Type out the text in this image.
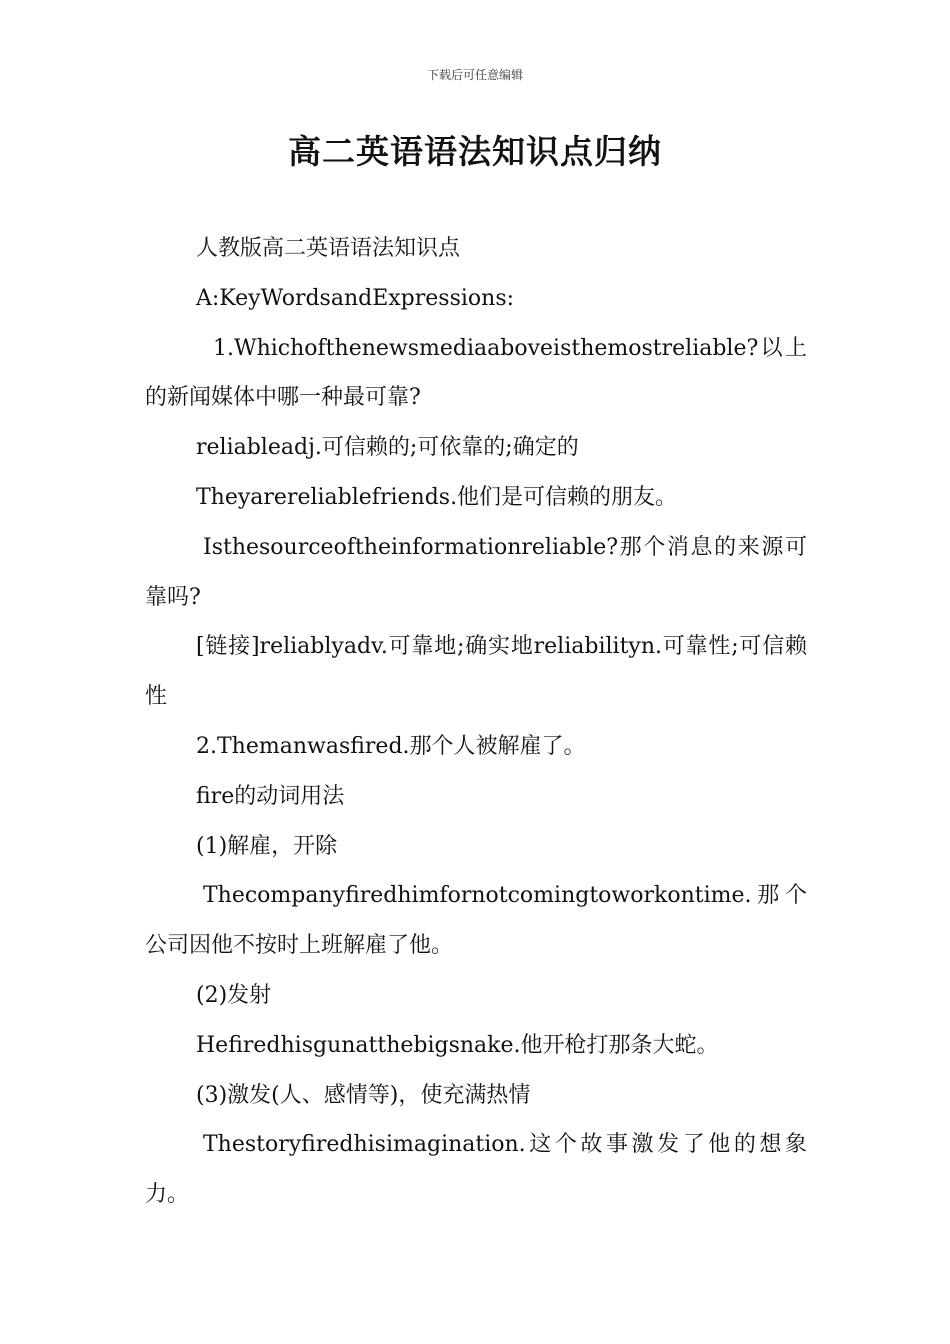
下载后可任意编辑
高二英语语法知识点归纳

人教版高二英语语法知识点

A:KeyWordsandExpressions:

1.Whichofthenewsmediaaboveisthemostreliable?以上的新闻媒体中哪一种最可靠?

reliableadj.可信赖的;可依靠的;确定的

Theyarereliablefriends.他们是可信赖的朋友。

Isthesourceoftheinformationreliable?那个消息的来源可靠吗?

[链接]reliablyadv.可靠地;确实地reliabilityn.可靠性;可信赖性

2.Themanwasfired.那个人被解雇了。

fire的动词用法

(1)解雇，开除

Thecompanyfiredhimfornotcomingtoworkontime.那个公司因他不按时上班解雇了他。

(2)发射

Hefiredhisgunatthebigsnake.他开枪打那条大蛇。

(3)激发(人、感情等)，使充满热情

Thestoryfiredhisimagination.这个故事激发了他的想象力。
